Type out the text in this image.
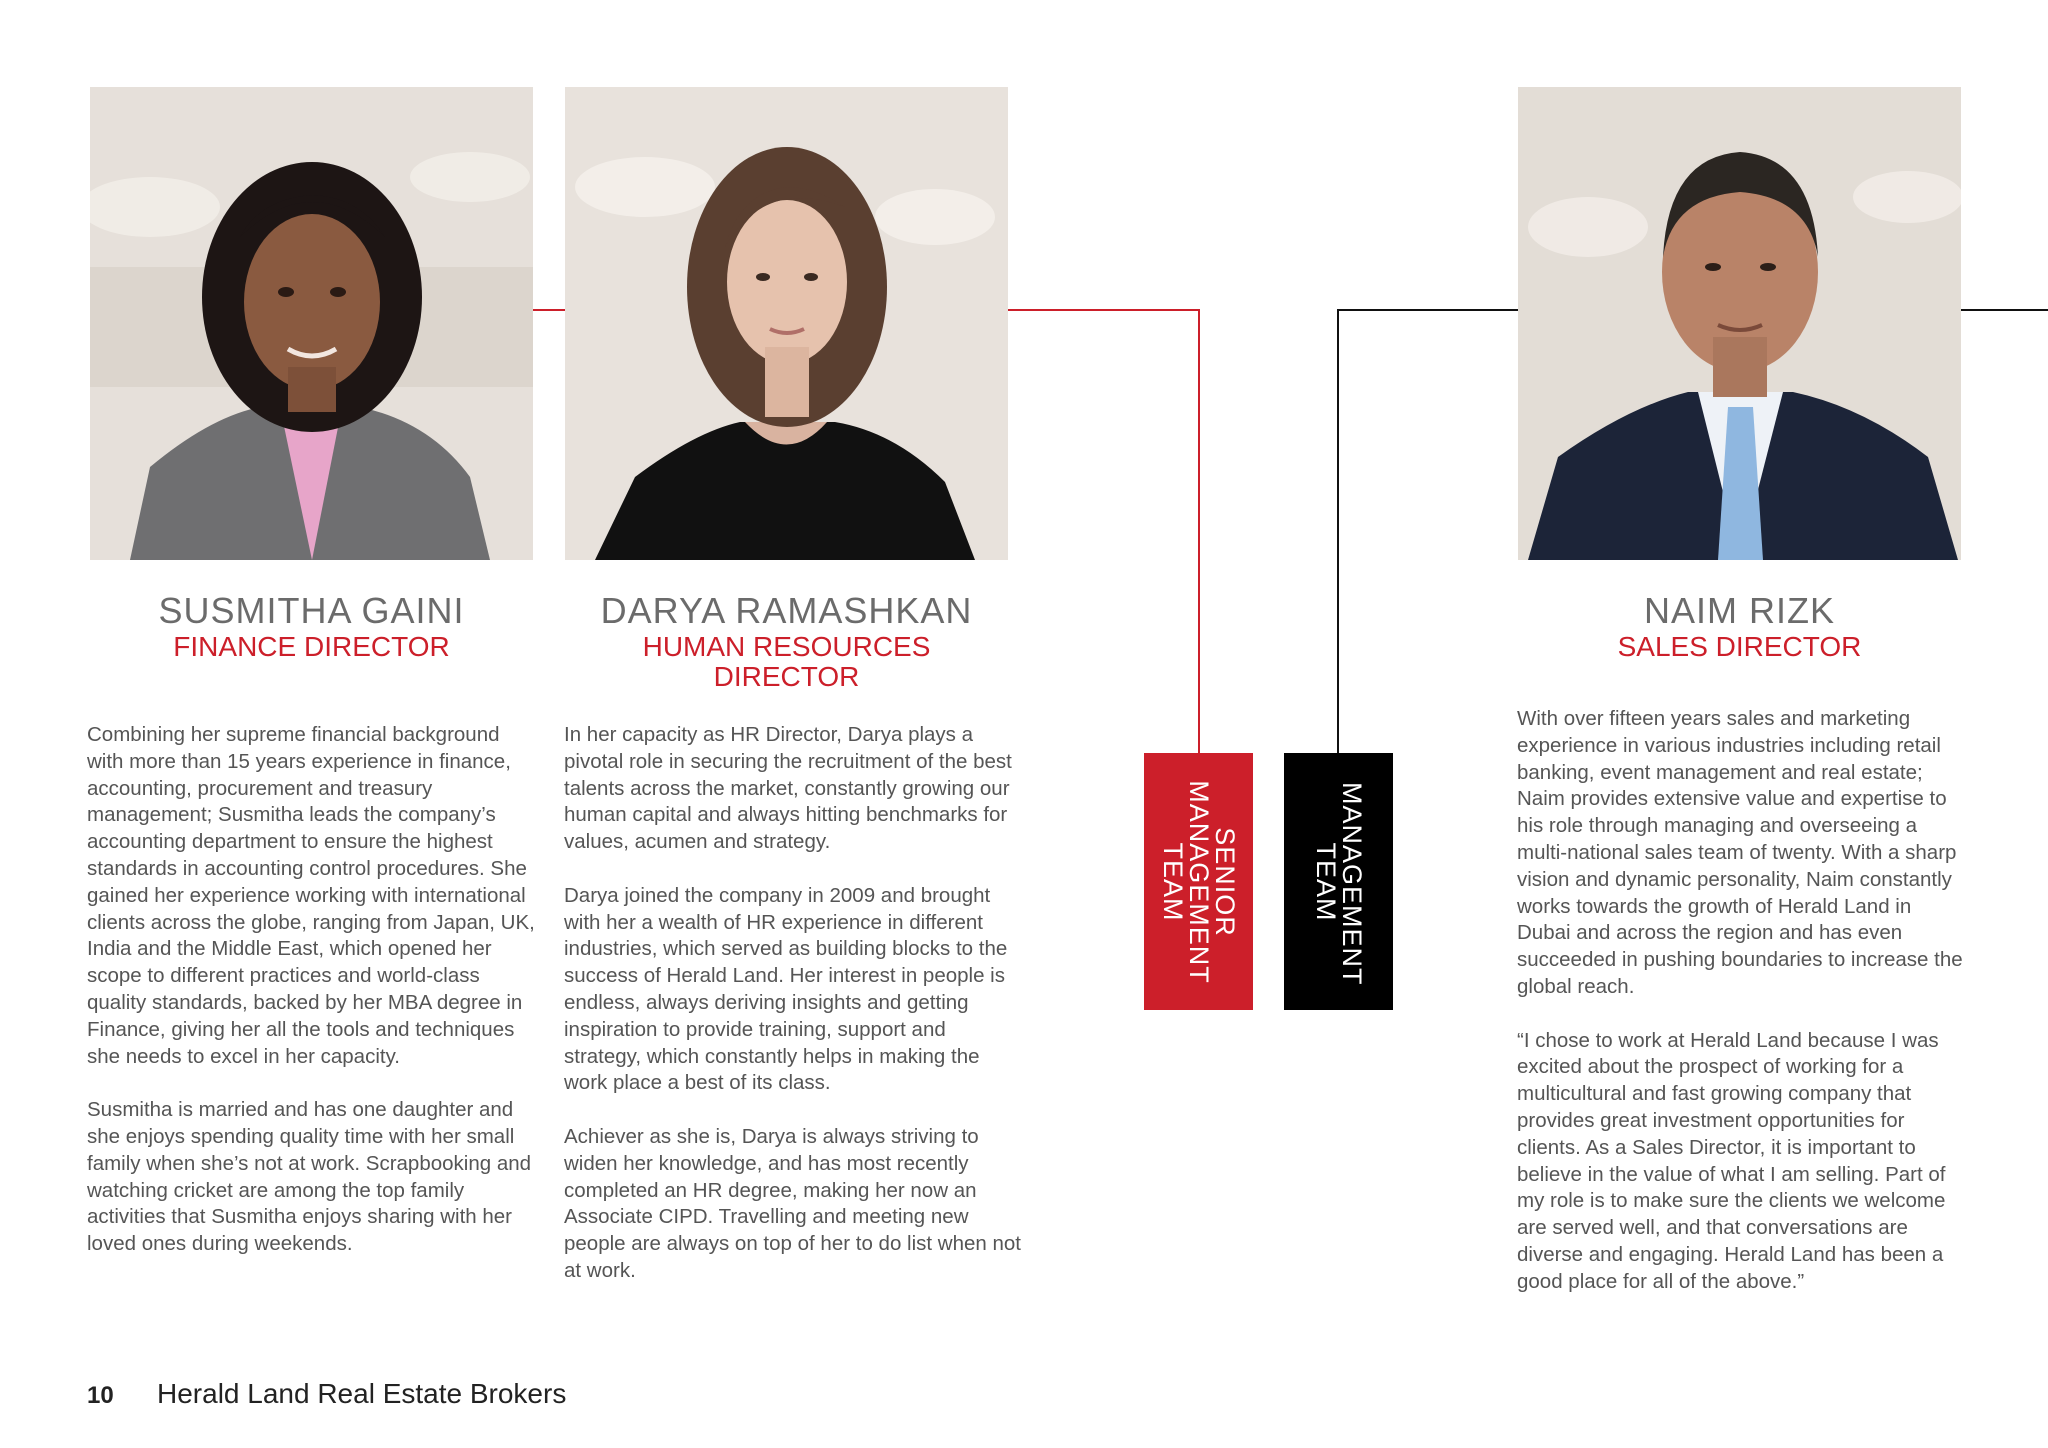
SUSMITHA GAINI
FINANCE DIRECTOR
DARYA RAMASHKAN
HUMAN RESOURCES DIRECTOR
NAIM RIZK
SALES DIRECTOR

Combining her supreme financial background with more than 15 years experience in finance, accounting, procurement and treasury management; Susmitha leads the company’s accounting department to ensure the highest standards in accounting control procedures. She gained her experience working with international clients across the globe, ranging from Japan, UK, India and the Middle East, which opened her scope to different practices and world-class quality standards, backed by her MBA degree in Finance, giving her all the tools and techniques she needs to excel in her capacity.

Susmitha is married and has one daughter and she enjoys spending quality time with her small family when she’s not at work. Scrapbooking and watching cricket are among the top family activities that Susmitha enjoys sharing with her loved ones during weekends.

In her capacity as HR Director, Darya plays a pivotal role in securing the recruitment of the best talents across the market, constantly growing our human capital and always hitting benchmarks for values, acumen and strategy.

Darya joined the company in 2009 and brought with her a wealth of HR experience in different industries, which served as building blocks to the success of Herald Land. Her interest in people is endless, always deriving insights and getting inspiration to provide training, support and strategy, which constantly helps in making the work place a best of its class.

Achiever as she is, Darya is always striving to widen her knowledge, and has most recently completed an HR degree, making her now an Associate CIPD. Travelling and meeting new people are always on top of her to do list when not at work.

With over fifteen years sales and marketing experience in various industries including retail banking, event management and real estate; Naim provides extensive value and expertise to his role through managing and overseeing a multi-national sales team of twenty. With a sharp vision and dynamic personality, Naim constantly works towards the growth of Herald Land in Dubai and across the region and has even succeeded in pushing boundaries to increase the global reach.

“I chose to work at Herald Land because I was excited about the prospect of working for a multicultural and fast growing company that provides great investment opportunities for clients. As a Sales Director, it is important to believe in the value of what I am selling. Part of my role is to make sure the clients we welcome are served well, and that conversations are diverse and engaging. Herald Land has been a good place for all of the above.”

SENIOR MANAGEMENT TEAM	MANAGEMENT TEAM
10 Herald Land Real Estate Brokers
